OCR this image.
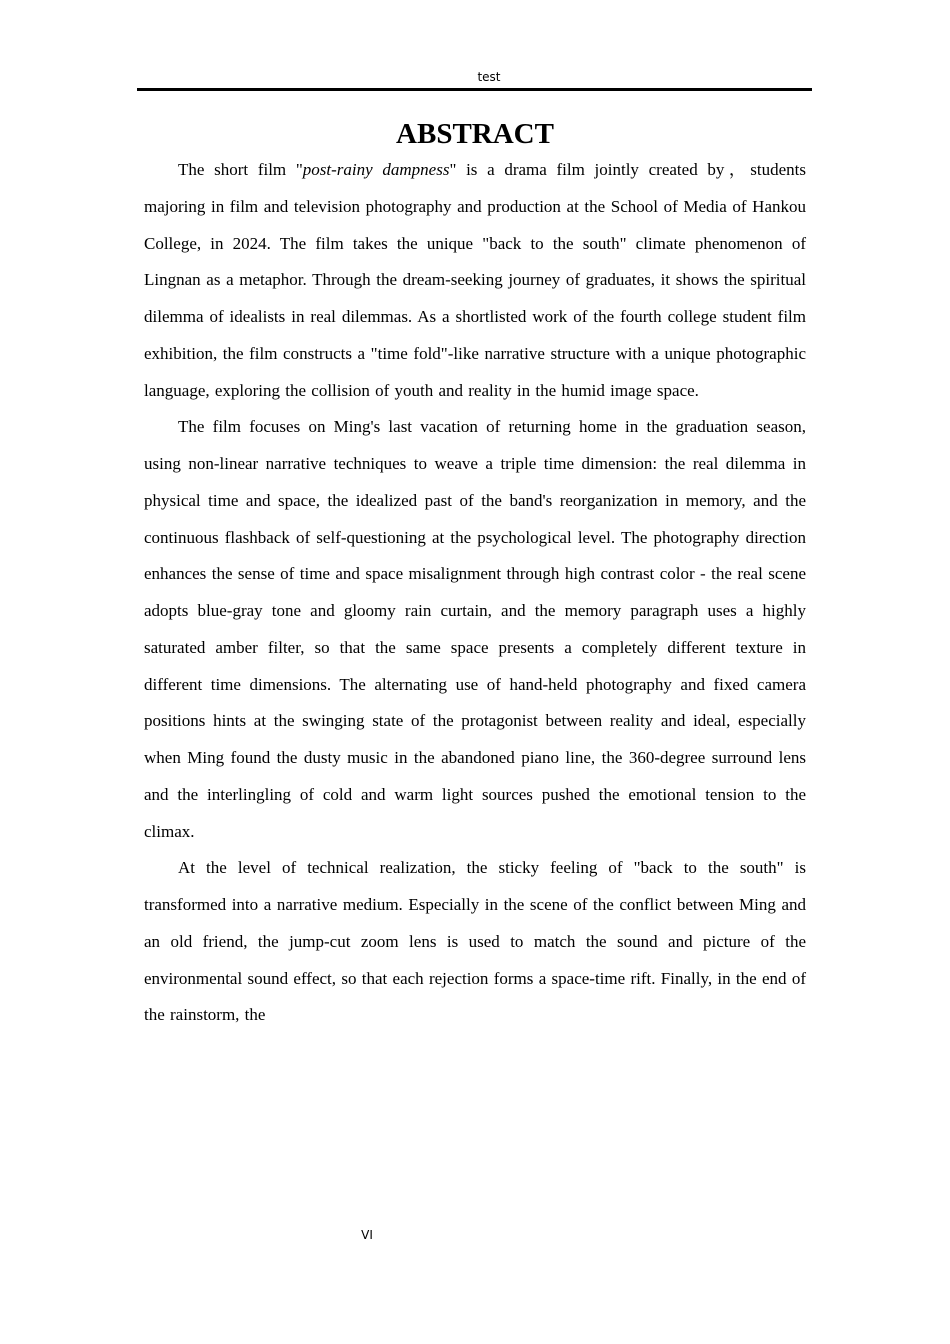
test
ABSTRACT

The short film "post-rainy dampness" is a drama film jointly created by，students majoring in film and television photography and production at the School of Media of Hankou College, in 2024. The film takes the unique "back to the south" climate phenomenon of Lingnan as a metaphor. Through the dream-seeking journey of graduates, it shows the spiritual dilemma of idealists in real dilemmas. As a shortlisted work of the fourth college student film exhibition, the film constructs a "time fold"-like narrative structure with a unique photographic language, exploring the collision of youth and reality in the humid image space.

The film focuses on Ming's last vacation of returning home in the graduation season, using non-linear narrative techniques to weave a triple time dimension: the real dilemma in physical time and space, the idealized past of the band's reorganization in memory, and the continuous flashback of self-questioning at the psychological level. The photography direction enhances the sense of time and space misalignment through high contrast color - the real scene adopts blue-gray tone and gloomy rain curtain, and the memory paragraph uses a highly saturated amber filter, so that the same space presents a completely different texture in different time dimensions. The alternating use of hand-held photography and fixed camera positions hints at the swinging state of the protagonist between reality and ideal, especially when Ming found the dusty music in the abandoned piano line, the 360-degree surround lens and the interlingling of cold and warm light sources pushed the emotional tension to the climax.

At the level of technical realization, the sticky feeling of "back to the south" is transformed into a narrative medium. Especially in the scene of the conflict between Ming and an old friend, the jump-cut zoom lens is used to match the sound and picture of the environmental sound effect, so that each rejection forms a space-time rift. Finally, in the end of the rainstorm, the

VI
